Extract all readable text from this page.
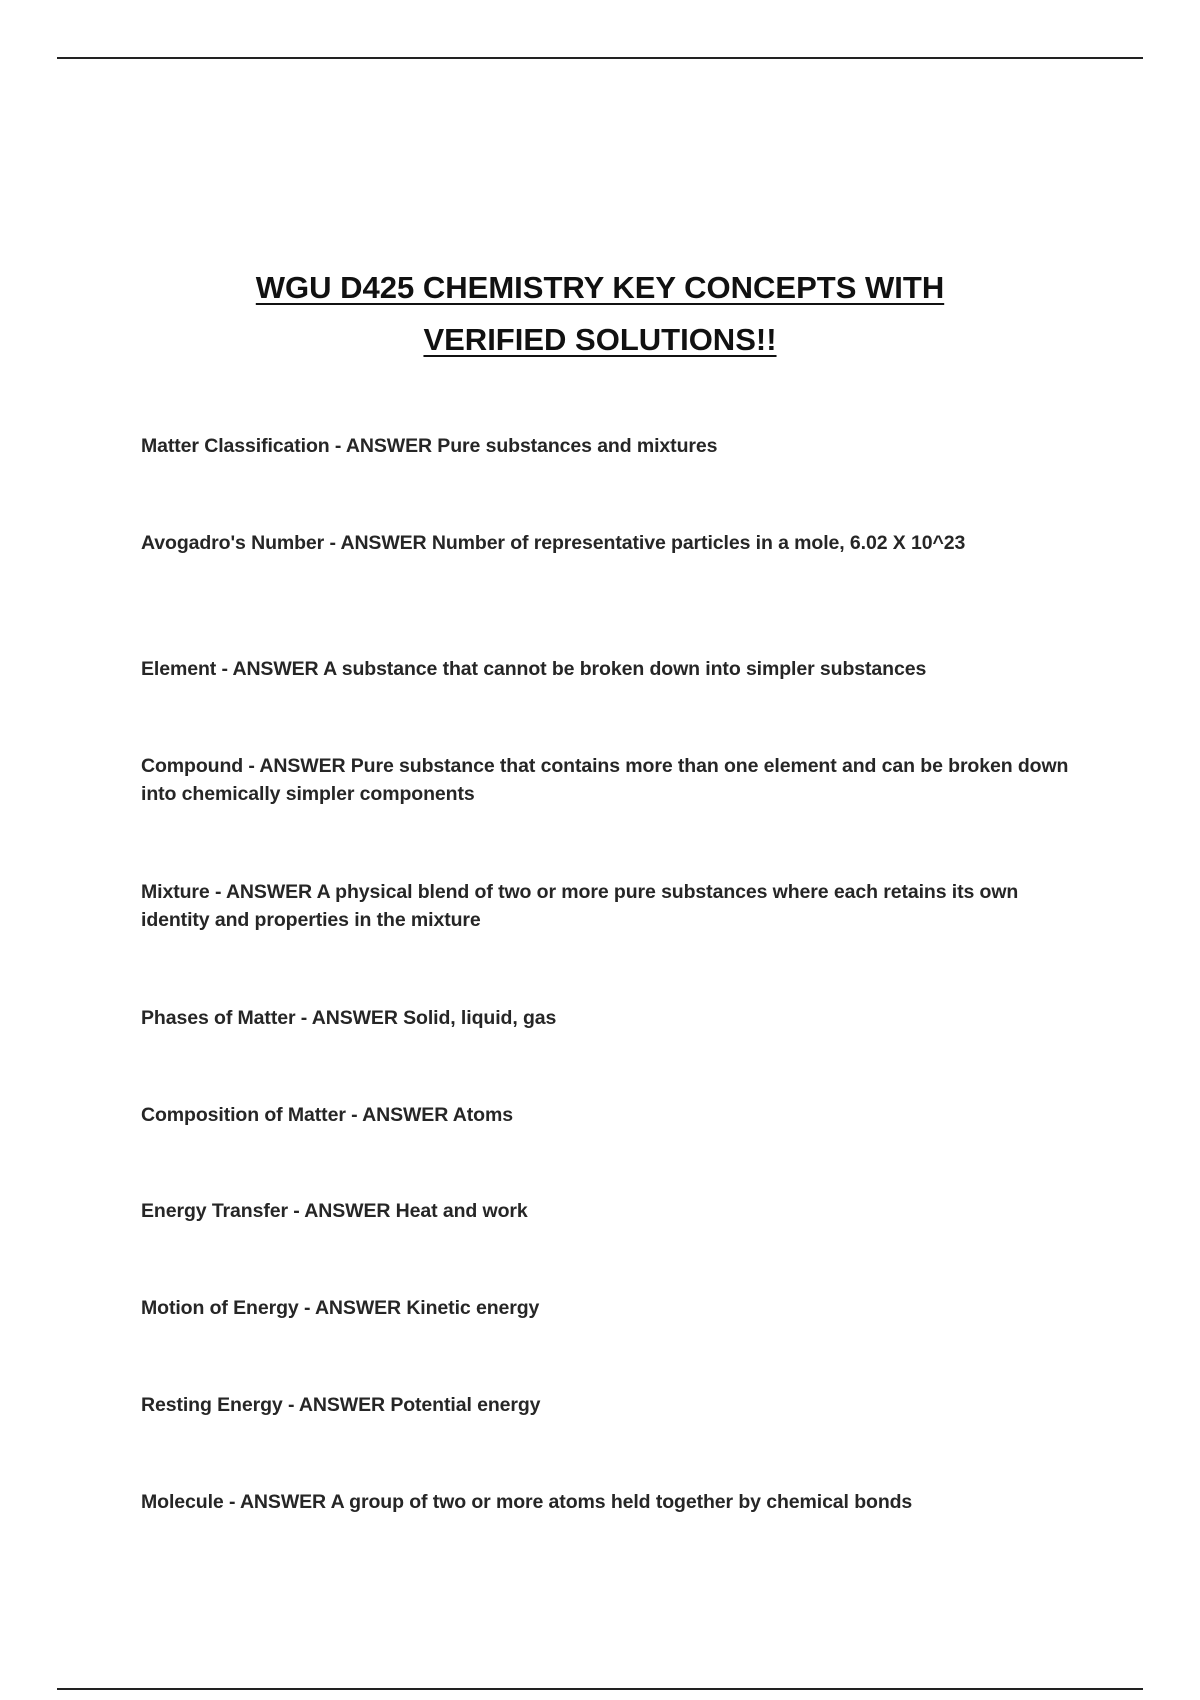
WGU D425 CHEMISTRY KEY CONCEPTS WITH
VERIFIED SOLUTIONS!!

Matter Classification - ANSWER Pure substances and mixtures

Avogadro's Number - ANSWER Number of representative particles in a mole, 6.02 X 10^23

Element - ANSWER A substance that cannot be broken down into simpler substances

Compound - ANSWER Pure substance that contains more than one element and can be broken down into chemically simpler components

Mixture - ANSWER A physical blend of two or more pure substances where each retains its own identity and properties in the mixture

Phases of Matter - ANSWER Solid, liquid, gas

Composition of Matter - ANSWER Atoms

Energy Transfer - ANSWER Heat and work

Motion of Energy - ANSWER Kinetic energy

Resting Energy - ANSWER Potential energy

Molecule - ANSWER A group of two or more atoms held together by chemical bonds
